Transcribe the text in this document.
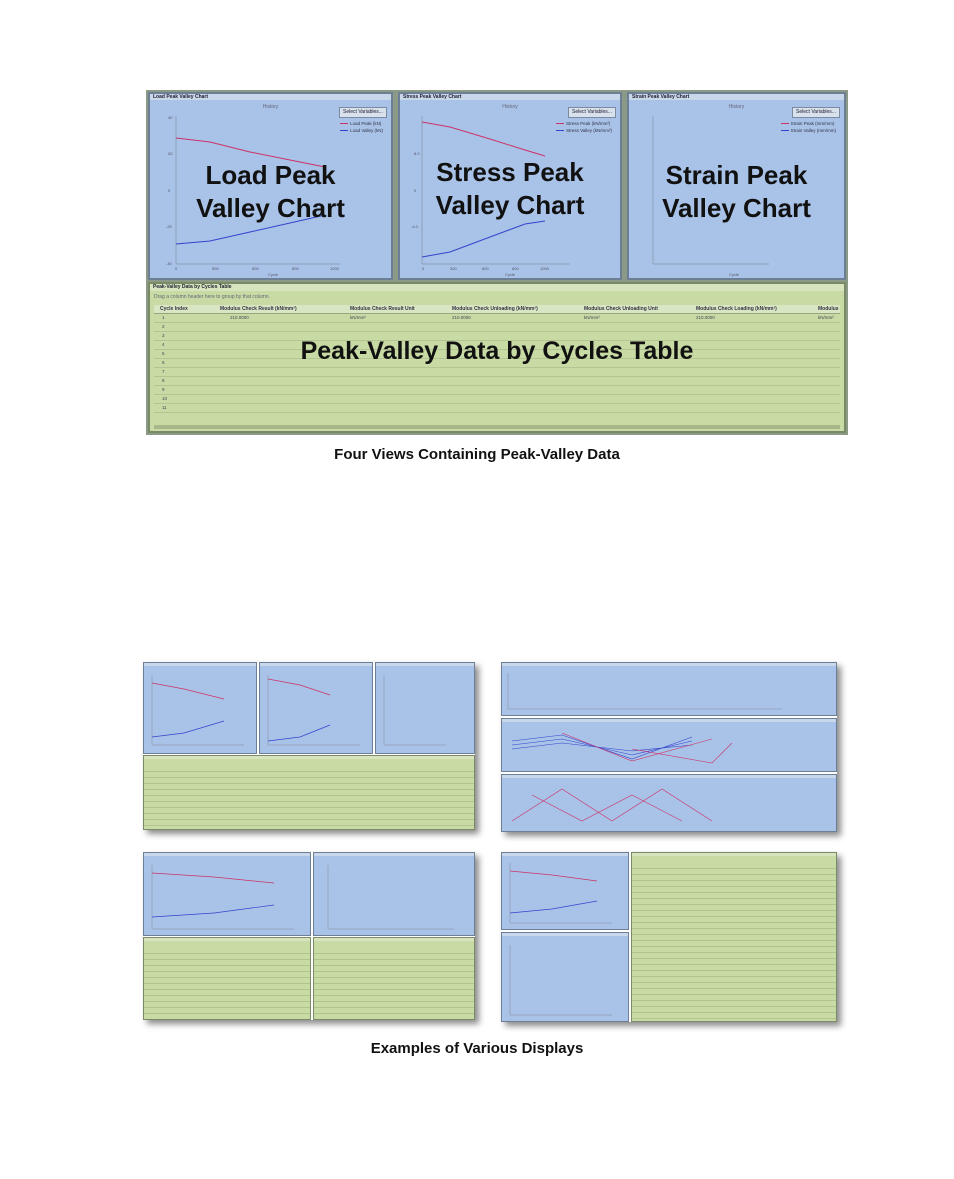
Load Peak Valley Chart
History
Select Variables...
Load Peak (kN)
Load Valley (kN)
40
20
0
-20
-40
0	500	600	800	1000
Cycle
Load Peak
Valley Chart
Stress Peak Valley Chart
History
Select Variables...
Stress Peak (kN/mm²)
Stress Valley (kN/mm²)
8.0
0
-4.0
0	300	600	800	1000
Cycle
Stress Peak
Valley Chart
Strain Peak Valley Chart
History
Select Variables...
Strain Peak (mm/mm)
Strain Valley (mm/mm)
Cycle
Strain Peak
Valley Chart
Peak-Valley Data by Cycles Table
Drag a column header here to group by that column.
Cycle Index	Modulus Check Result (kN/mm²)	Modulus Check Result Unit	Modulus Check Unloading (kN/mm²)	Modulus Check Unloading Unit	Modulus Check Loading (kN/mm²)	Modulus
1	210.0000	kN/mm²	210.0000	kN/mm²	210.0000	kN/mm²
2
3
4
5
6
7
8
9
10
11
Peak-Valley Data by Cycles Table
Four Views Containing Peak-Valley Data
Examples of Various Displays
